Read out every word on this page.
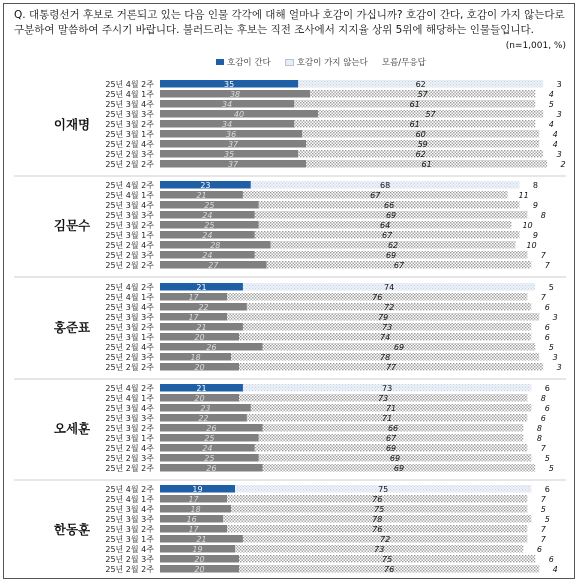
Q. 대통령선거 후보로 거론되고 있는 다음 인물 각각에 대해 얼마나 호감이 가십니까? 호감이 간다, 호감이 가지 않는다로 구분하여 말씀하여 주시기 바랍니다. 불러드리는 후보는 직전 조사에서 지지율 상위 5위에 해당하는 인물들입니다.

(n=1,001, %)
호감이 간다	호감이 가지 않는다 모름/무응답
이재명
25년 4월 2주	35	62	3
25년 4월 1주	38	57	4
25년 3월 4주	34	61	5
25년 3월 3주	40	57	3
25년 3월 2주	34	61	4
25년 3월 1주	36	60	4
25년 2월 4주	37	59	4
25년 2월 3주	35	62	3
25년 2월 2주	37	61	2
김문수
25년 4월 2주	23	68	8
25년 4월 1주	21	67	11
25년 3월 4주	25	66	9
25년 3월 3주	24	69	8
25년 3월 2주	25	64	10
25년 3월 1주	24	67	9
25년 2월 4주	28	62	10
25년 2월 3주	24	69	7
25년 2월 2주	27	67	7
홍준표
25년 4월 2주	21	74	5
25년 4월 1주	17	76	7
25년 3월 4주	22	72	6
25년 3월 3주	17	79	3
25년 3월 2주	21	73	6
25년 3월 1주	20	74	6
25년 2월 4주	26	69	5
25년 2월 3주	18	78	3
25년 2월 2주	20	77	3
오세훈
25년 4월 2주	21	73	6
25년 4월 1주	20	73	8
25년 3월 4주	23	71	6
25년 3월 3주	22	71	6
25년 3월 2주	26	66	8
25년 3월 1주	25	67	8
25년 2월 4주	24	69	7
25년 2월 3주	25	69	5
25년 2월 2주	26	69	5
한동훈
25년 4월 2주	19	75	6
25년 4월 1주	17	76	7
25년 3월 4주	18	75	5
25년 3월 3주	16	78	5
25년 3월 2주	17	76	7
25년 3월 1주	21	72	7
25년 2월 4주	19	73	6
25년 2월 3주	20	75	6
25년 2월 2주	20	76	4
